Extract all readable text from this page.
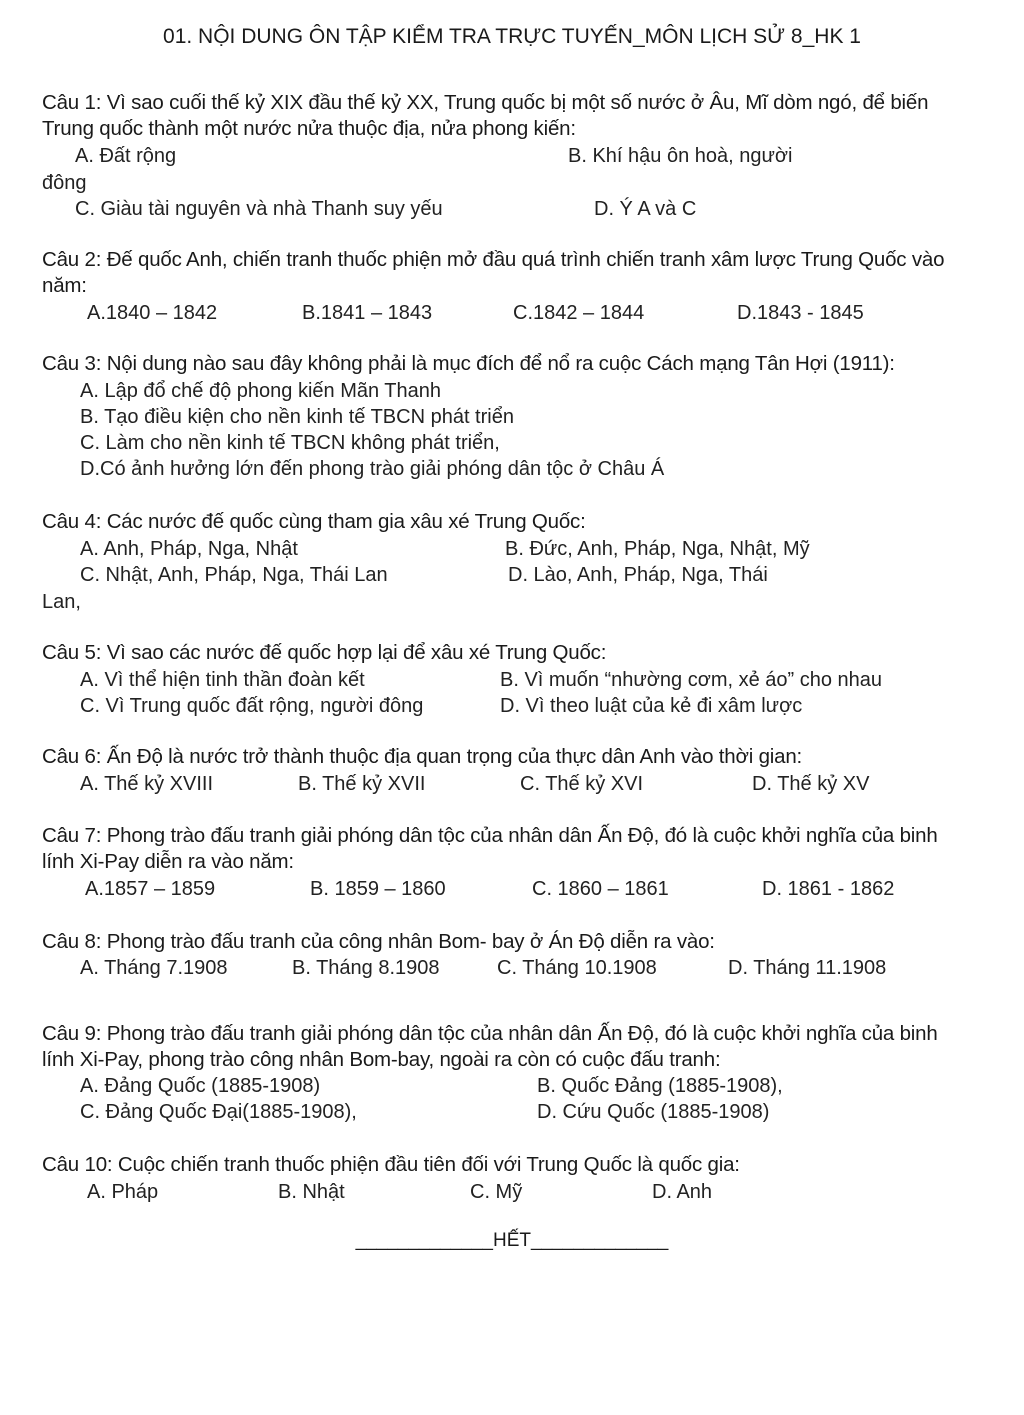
01. NỘI DUNG ÔN TẬP KIỂM TRA TRỰC TUYẾN_MÔN LỊCH SỬ 8_HK 1
Câu 1: Vì sao cuối thế kỷ XIX đầu thế kỷ XX, Trung quốc bị một số nước ở Âu, Mĩ dòm ngó, để biến
Trung quốc thành một nước nửa thuộc địa, nửa phong kiến:
A. Đất rộng	B. Khí hậu ôn hoà, người
đông
C. Giàu tài nguyên và nhà Thanh suy yếu	D. Ý A và C
Câu 2: Đế quốc Anh, chiến tranh thuốc phiện mở đầu quá trình chiến tranh xâm lược Trung Quốc vào
năm:
A.1840 – 1842	B.1841 – 1843	C.1842 – 1844	D.1843 - 1845
Câu 3: Nội dung nào sau đây không phải là mục đích để nổ ra cuộc Cách mạng Tân Hợi (1911):
A. Lập đổ chế độ phong kiến Mãn Thanh
B. Tạo điều kiện cho nền kinh tế TBCN phát triển
C. Làm cho nền kinh tế TBCN không phát triển,
D.Có ảnh hưởng lớn đến phong trào giải phóng dân tộc ở Châu Á
Câu 4: Các nước đế quốc cùng tham gia xâu xé Trung Quốc:
A. Anh, Pháp, Nga, Nhật	B. Đức, Anh, Pháp, Nga, Nhật, Mỹ
C. Nhật, Anh, Pháp, Nga, Thái Lan	D. Lào, Anh, Pháp, Nga, Thái
Lan,
Câu 5: Vì sao các nước đế quốc hợp lại để xâu xé Trung Quốc:
A. Vì thể hiện tinh thần đoàn kết	B. Vì muốn “nhường cơm, xẻ áo” cho nhau
C. Vì Trung quốc đất rộng, người đông	D. Vì theo luật của kẻ đi xâm lược
Câu 6: Ấn Độ là nước trở thành thuộc địa quan trọng của thực dân Anh vào thời gian:
A. Thế kỷ XVIII	B. Thế kỷ XVII	C. Thế kỷ XVI	D. Thế kỷ XV
Câu 7: Phong trào đấu tranh giải phóng dân tộc của nhân dân Ấn Độ, đó là cuộc khởi nghĩa của binh
lính Xi-Pay diễn ra vào năm:
A.1857 – 1859	B. 1859 – 1860	C. 1860 – 1861	D. 1861 - 1862
Câu 8: Phong trào đấu tranh của công nhân Bom- bay ở Án Độ diễn ra vào:
A. Tháng 7.1908	B. Tháng 8.1908	C. Tháng 10.1908	D. Tháng 11.1908
Câu 9: Phong trào đấu tranh giải phóng dân tộc của nhân dân Ấn Độ, đó là cuộc khởi nghĩa của binh
lính Xi-Pay, phong trào công nhân Bom-bay, ngoài ra còn có cuộc đấu tranh:
A. Đảng Quốc (1885-1908)	B. Quốc Đảng (1885-1908),
C. Đảng Quốc Đại(1885-1908),	D. Cứu Quốc (1885-1908)
Câu 10: Cuộc chiến tranh thuốc phiện đầu tiên đối với Trung Quốc là quốc gia:
A. Pháp	B. Nhật	C. Mỹ	D. Anh
_____________HẾT_____________
